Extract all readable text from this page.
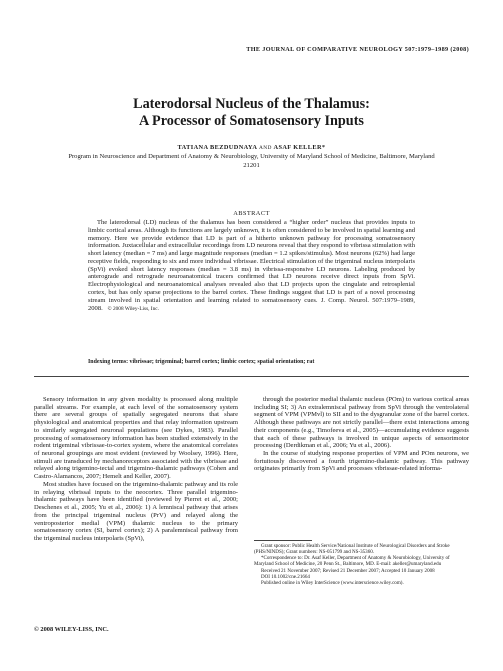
THE JOURNAL OF COMPARATIVE NEUROLOGY 507:1979–1989 (2008)
Laterodorsal Nucleus of the Thalamus:
A Processor of Somatosensory Inputs
TATIANA BEZDUDNAYA AND ASAF KELLER*
Program in Neuroscience and Department of Anatomy & Neurobiology, University of Maryland School of Medicine, Baltimore, Maryland 21201
ABSTRACT

The laterodorsal (LD) nucleus of the thalamus has been considered a “higher order” nucleus that provides inputs to limbic cortical areas. Although its functions are largely unknown, it is often considered to be involved in spatial learning and memory. Here we provide evidence that LD is part of a hitherto unknown pathway for processing somatosensory information. Juxtacellular and extracellular recordings from LD neurons reveal that they respond to vibrissa stimulation with short latency (median = 7 ms) and large magnitude responses (median = 1.2 spikes/stimulus). Most neurons (62%) had large receptive fields, responding to six and more individual vibrissae. Electrical stimulation of the trigeminal nucleus interpolaris (SpVi) evoked short latency responses (median = 3.8 ms) in vibrissa-responsive LD neurons. Labeling produced by anterograde and retrograde neuroanatomical tracers confirmed that LD neurons receive direct inputs from SpVi. Electrophysiological and neuroanatomical analyses revealed also that LD projects upon the cingulate and retrosplenial cortex, but has only sparse projections to the barrel cortex. These findings suggest that LD is part of a novel processing stream involved in spatial orientation and learning related to somatosensory cues. J. Comp. Neurol. 507:1979–1989, 2008. © 2008 Wiley-Liss, Inc.

Indexing terms: vibrissae; trigeminal; barrel cortex; limbic cortex; spatial orientation; rat

Sensory information in any given modality is processed along multiple parallel streams. For example, at each level of the somatosensory system there are several groups of spatially segregated neurons that share physiological and anatomical properties and that relay information upstream to similarly segregated neuronal populations (see Dykes, 1983). Parallel processing of somatosensory information has been studied extensively in the rodent trigeminal vibrissae-to-cortex system, where the anatomical correlates of neuronal groupings are most evident (reviewed by Woolsey, 1996). Here, stimuli are transduced by mechanoreceptors associated with the vibrissae and relayed along trigemino-tectal and trigemino-thalamic pathways (Cohen and Castro-Alamancos, 2007; Hemelt and Keller, 2007).

Most studies have focused on the trigemino-thalamic pathway and its role in relaying vibrissal inputs to the neocortex. Three parallel trigemino-thalamic pathways have been identified (reviewed by Pierret et al., 2000; Deschenes et al., 2005; Yu et al., 2006): 1) A lemniscal pathway that arises from the principal trigeminal nucleus (PrV) and relayed along the ventroposterior medial (VPM) thalamic nucleus to the primary somatosensory cortex (SI, barrel cortex); 2) A paralemniscal pathway from the trigeminal nucleus interpolaris (SpVi),

through the posterior medial thalamic nucleus (POm) to various cortical areas including SI; 3) An extralemniscal pathway from SpVi through the ventrolateral segment of VPM (VPMvl) to SII and to the dysgranular zone of the barrel cortex. Although these pathways are not strictly parallel—there exist interactions among their components (e.g., Timofeeva et al., 2005)—accumulating evidence suggests that each of these pathways is involved in unique aspects of sensorimotor processing (Derdikman et al., 2006; Yu et al., 2006).

In the course of studying response properties of VPM and POm neurons, we fortuitously discovered a fourth trigemino-thalamic pathway. This pathway originates primarily from SpVi and processes vibrissae-related informa-

Grant sponsor: Public Health Service/National Institute of Neurological Disorders and Stroke (PHS/NINDS); Grant numbers: NS-051799 and NS-35360.

*Correspondence to: Dr. Asaf Keller, Department of Anatomy & Neurobiology, University of Maryland School of Medicine, 20 Penn St., Baltimore, MD. E-mail: akeller@umaryland.edu

Received 21 November 2007; Revised 21 December 2007; Accepted 10 January 2008

DOI 10.1002/cne.21664

Published online in Wiley InterScience (www.interscience.wiley.com).

© 2008 WILEY-LISS, INC.
